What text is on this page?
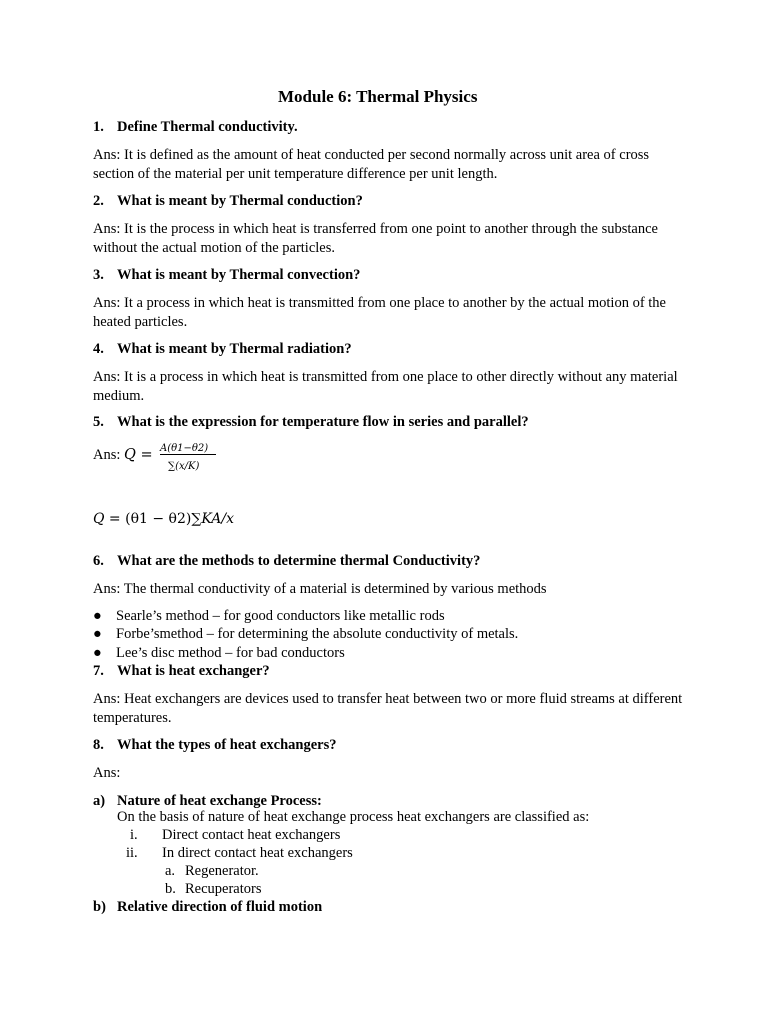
Module 6: Thermal Physics
1. Define Thermal conductivity.
Ans: It is defined as the amount of heat conducted per second normally across unit area of cross section of the material per unit temperature difference per unit length.
2. What is meant by Thermal conduction?
Ans: It is the process in which heat is transferred from one point to another through the substance without the actual motion of the particles.
3. What is meant by Thermal convection?
Ans: It a process in which heat is transmitted from one place to another by the actual motion of the heated particles.
4. What is meant by Thermal radiation?
Ans: It is a process in which heat is transmitted from one place to other directly without any material medium.
5. What is the expression for temperature flow in series and parallel?
Ans: Q = A(θ1−θ2)
∑(x/K)
Q = (θ1 − θ2)∑KA/x
6. What are the methods to determine thermal Conductivity?
Ans: The thermal conductivity of a material is determined by various methods
● Searle’s method – for good conductors like metallic rods
● Forbe’smethod – for determining the absolute conductivity of metals.
● Lee’s disc method – for bad conductors
7. What is heat exchanger?
Ans: Heat exchangers are devices used to transfer heat between two or more fluid streams at different temperatures.
8. What the types of heat exchangers?
Ans:
a) Nature of heat exchange Process:
On the basis of nature of heat exchange process heat exchangers are classified as:
i. Direct contact heat exchangers
ii. In direct contact heat exchangers
a. Regenerator.
b. Recuperators
b) Relative direction of fluid motion
